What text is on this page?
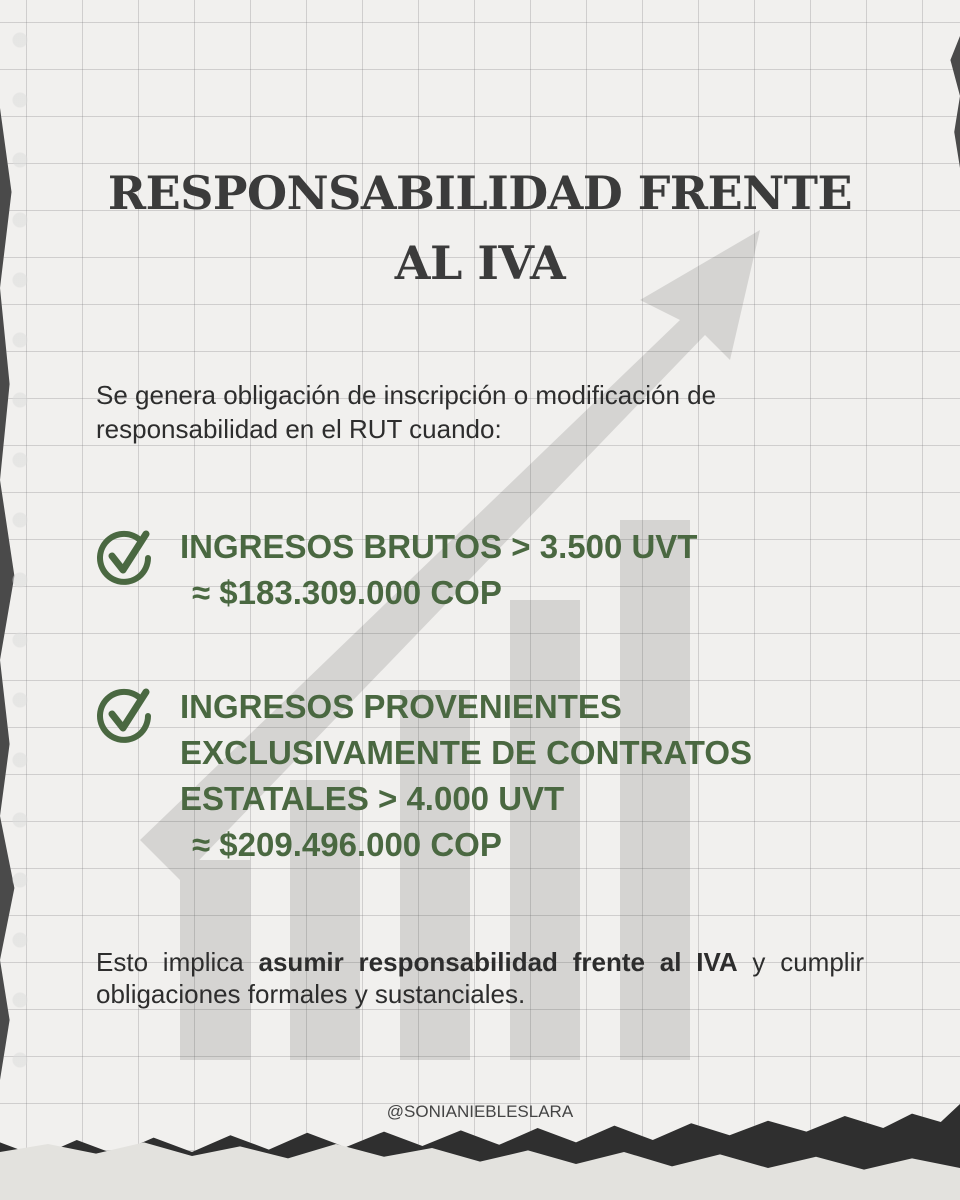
RESPONSABILIDAD FRENTE AL IVA
Se genera obligación de inscripción o modificación de responsabilidad en el RUT cuando:
INGRESOS BRUTOS > 3.500 UVT
≈ $183.309.000 COP
INGRESOS PROVENIENTES
EXCLUSIVAMENTE DE CONTRATOS
ESTATALES > 4.000 UVT
≈ $209.496.000 COP
Esto implica asumir responsabilidad frente al IVA y cumplir obligaciones formales y sustanciales.
@SONIANIEBLESLARA
